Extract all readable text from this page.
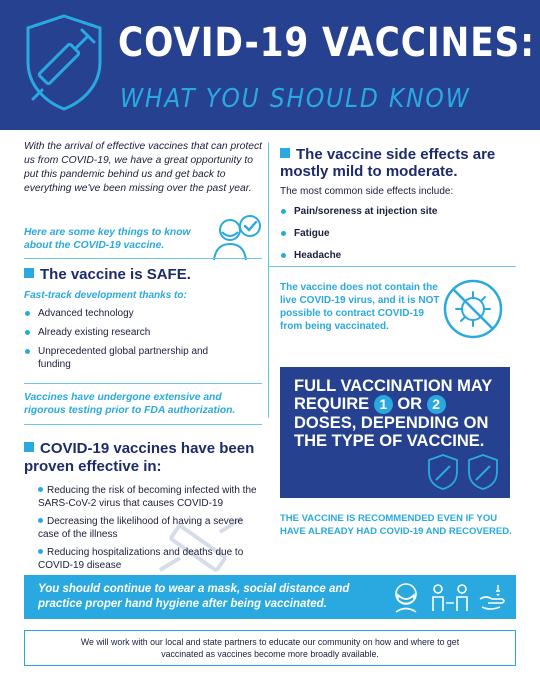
COVID-19 VACCINES:
WHAT YOU SHOULD KNOW
With the arrival of effective vaccines that can protect us from COVID-19, we have a great opportunity to put this pandemic behind us and get back to everything we've been missing over the past year.
Here are some key things to know about the COVID-19 vaccine.
The vaccine is SAFE.
Fast-track development thanks to:
Advanced technology
Already existing research
Unprecedented global partnership and funding
Vaccines have undergone extensive and rigorous testing prior to FDA authorization.
COVID-19 vaccines have been proven effective in:
Reducing the risk of becoming infected with the SARS-CoV-2 virus that causes COVID-19
Decreasing the likelihood of having a severe case of the illness
Reducing hospitalizations and deaths due to COVID-19 disease
The vaccine side effects are mostly mild to moderate.
The most common side effects include:
Pain/soreness at injection site
Fatigue
Headache
The vaccine does not contain the live COVID-19 virus, and it is NOT possible to contract COVID-19 from being vaccinated.
FULL VACCINATION MAY REQUIRE 1 OR 2 DOSES, DEPENDING ON THE TYPE OF VACCINE.
THE VACCINE IS RECOMMENDED EVEN IF YOU HAVE ALREADY HAD COVID-19 AND RECOVERED.
You should continue to wear a mask, social distance and practice proper hand hygiene after being vaccinated.
We will work with our local and state partners to educate our community on how and where to get vaccinated as vaccines become more broadly available.
